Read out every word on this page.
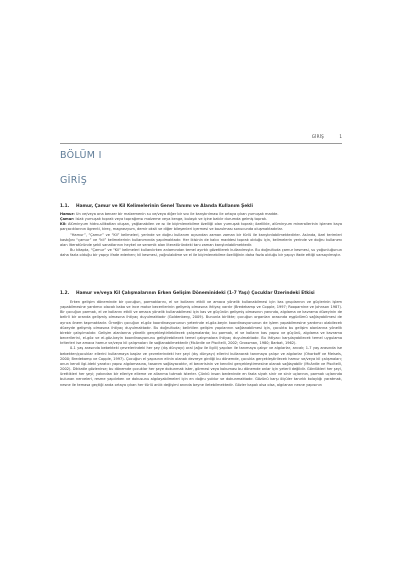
GİRİŞ	1
BÖLÜM I
GİRİŞ
1.1. Hamur, Çamur ve Kil Kelimelerinin Genel Tanımı ve Alanda Kullanım Şekli

Hamur: Un ve/veya ona benzer bir malzemenin su ve/veya diğer bir sıvı ile karıştırılması ile ortaya çıkan yumuşak madde.

Çamur: Islak yumuşak toprak veya toprağımsı malzeme veya kenge, bulaşık ve içine batılır durumda gelmiş toprak.

Kil: Alüminyum hidro-silikatları oluşan, yağlanabilen ve ısı ile biçimlenebilme özelliği olan yumuşak toprak; özellikle, alüminyum minerallerinin işlenen kaya parçacıklarının ögrenti, kireç, magnezyum, demir oksit ve diğer bileşenleri içermesi ve bozulması sonucunda oluşmaktadırlar.

“Hamur”, “Çamur” ve “Kil” kelimeleri, yerinde ve doğru kullanım açısından zaman zaman bir türlü ile karıştırılabilmektedirler. Aslında, özel terimleri kastığını “çamur” ve “kil” kelimelerinin kullanımında yapılmaktadır. Her ikisinin de kalıcı maddesi toprak olduğu için, kelimelerin yerinde ve doğru kullanımı alan literatüründe şekil sanatlarının heykel ve seramik alan literatüründeki tanı zaman karıştırılabilmektedir.

Bu kitapta, “Çamur” ve “Kil” kelimeleri kullanılırken anlamından temel ayırtık gözetilerek kullanılmıştır. Bu doğrultuda çamur kesmesi, su yoğunluğunun daha fazla olduğu bir yapıyı ifade ederken; kil kesmesi, yoğrulabilme ve el ile biçimlenebilme özelliğinin daha fazla olduğu bir yapıyı ifade ettiği varsayılmıştır.

1.2. Hamur ve/veya Kil Çalışmalarının Erken Gelişim Döneminideki (1-7 Yaşı) Çocuklar Üzerindeki Etkisi

Erken gelişim döneminde bir çocuğun, parmaklarını, el ve kollarını etkili ve amaca yönelik kullanabilmesi için kas gruplarının ve güçlerinin işlem yapabilmesine yardımcı olacak kaba ve ince motor becerilerinin gelişmiş olmasına ihtiyaç vardır (Bredekamp ve Copple, 1997; Rooparnine ve Johnson 1987). Bir çocuğun parmak, el ve kollarını etkili ve amaca yönelik kullanabilmesi için kas ve güçünün gelişmiş olmasının yanında, algılama ve kavrama düzeyinin de belirli bir oranda gelişmiş olmasına ihtiyaç duyulmaktadır (Goldenberg, 2009). Bununla birlikte; çocuğun organları arasında eşgüdümü sağlayabilmesi de ayrıca önem taşımaktadır. Örneğin çocuğun el-göz koordinasyonunun yeterinde el-göz-beyin koordinasyonunun de işlem yapabilmesine yardımcı olabilecek düzeyde gelişmiş olmasına ihtiyaç duyulmaktadır. Bu doğrultuda; belirtilen gelişim yapılarının sağlanabilmesi için, çocukta bu gelişim alanlarına yönelik birebir çalışılmalıdır. Gelişim alanlarına yönelik gerçekleştirilebilecek çalışmalarda; bu parmak, el ve kolların kas yapısı ve güçünü, algılama ve kavrama becerilerini, el-göz ve el-göz-beyin koordinasyonunu geliştirebilecek temel çalışmalara ihtiyaç duyulmaktadır. Bu ihtiyacı karşılayabilecek temel uygulama kriterleri ise amaca hamur ve/veya kil çalışmaları ile sağlanabilmektedir (McArdle ve Piscitelli, 2002; Grossman, 1980; Barbat, 1962).

0-1 yaş arasında bebekteki çevrelerindeki her şey (dış dünyayı) oral (ağız ile ilgili) yapıları ile tanımaya çalışır ve algılarlar, ancak; 1-7 yaş arasında ise bebekten/çocuklar ellerini kullanmaya başlar ve çevrelerindeki her şeyi (dış dünyayı) ellerini kullanarak tanımaya çalışır ve algılarlar (Ohorkoff ve Meisels, 2000; Bredekamp ve Copple, 1997). Çocuğun el yapısının elinin olanak devreye girdiği bu dönemde, çocukla gerçekleştirilecek hamur ve/veya kil çalışmaları; onun kendi ilgi-ideki yaratıcı yapısı algılamasına, tasarım sağlayacaktır, el becerisinin ve kendini gerçekleştirmesine olanak sağlayabilir (McArdle ve Piscitelli, 2002). Dikkatle gözlenirse; bu dönemde çocuklar her şeye dokunmak ister, görmesi veya kokuması bu dönemde onlar için yeterli değildir. Gördükleri her şeyi, ürettikleri her şeyi; yakından bir elleriye elleme ve allarıma tutmak isterler. Çünkü insan bedeninde en fazla siyah sinir ve sinir uçlarının, parmak uçlarında bulunan nerveleri, resme yapılırken ve dokusunu algılayabilmeleri için en doğru yoldur ve dokunmaktadır. Gözünü karşı ölçüler tanırlık kolaylığı yaratmak, nesne ile temasa geçtiği anda ortaya çıkan her türlü anlık değişimi anında beyne iletebilmektedir. Gözler kapalı olsa olsa, algılanan nesne yapısının
